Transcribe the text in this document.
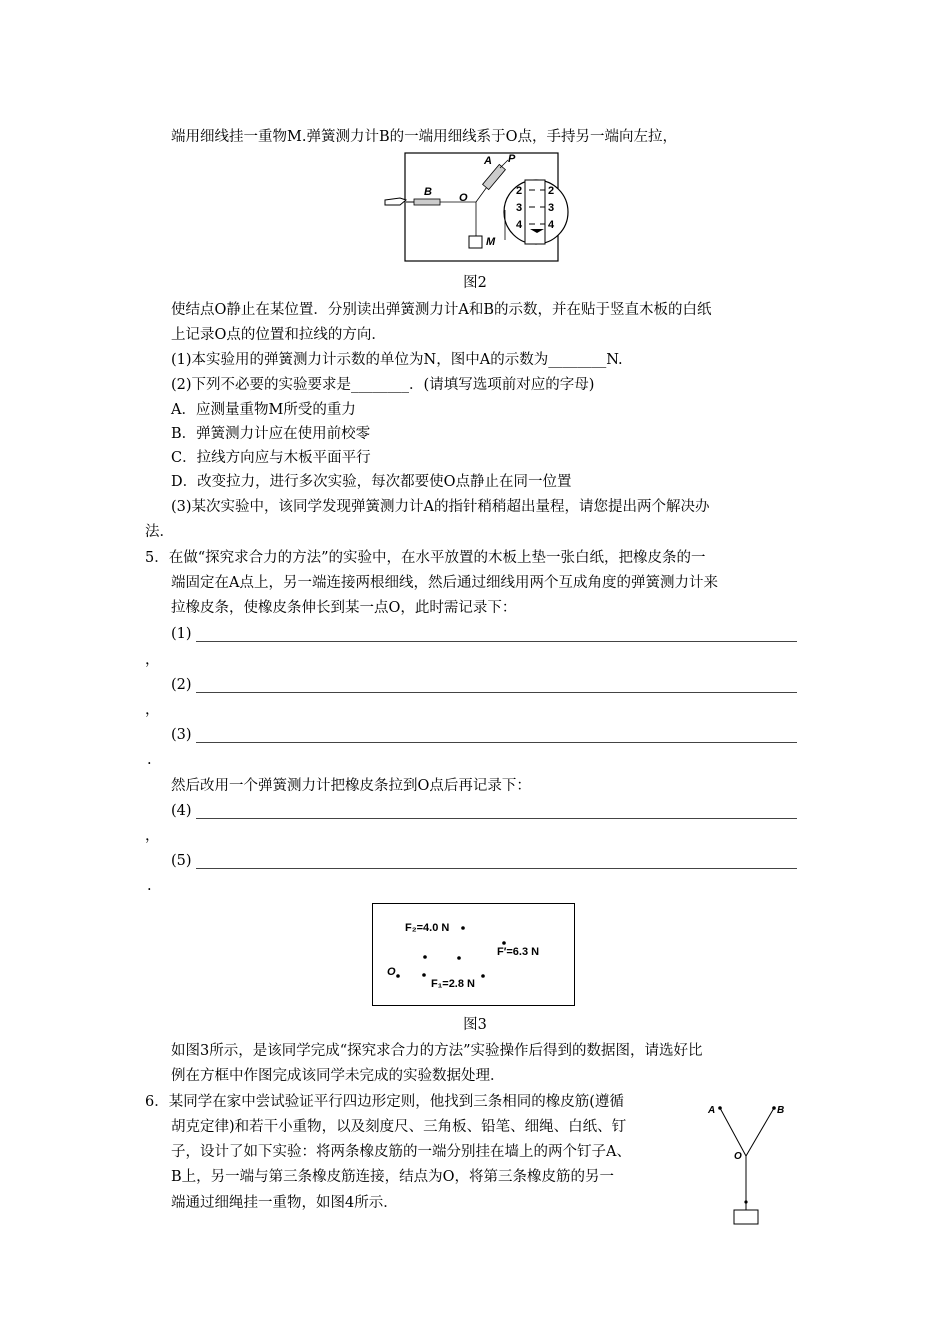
端用细线挂一重物M.弹簧测力计B的一端用细线系于O点，手持另一端向左拉，
A P
B O
M
2
3
4
2
3
4
图2
使结点O静止在某位置．分别读出弹簧测力计A和B的示数，并在贴于竖直木板的白纸
上记录O点的位置和拉线的方向．
(1)本实验用的弹簧测力计示数的单位为N，图中A的示数为________N.
(2)下列不必要的实验要求是________．(请填写选项前对应的字母)
A．应测量重物M所受的重力
B．弹簧测力计应在使用前校零
C．拉线方向应与木板平面平行
D．改变拉力，进行多次实验，每次都要使O点静止在同一位置
(3)某次实验中，该同学发现弹簧测力计A的指针稍稍超出量程，请您提出两个解决办
法．
5．在做“探究求合力的方法”的实验中，在水平放置的木板上垫一张白纸，把橡皮条的一
端固定在A点上，另一端连接两根细线，然后通过细线用两个互成角度的弹簧测力计来
拉橡皮条，使橡皮条伸长到某一点O，此时需记录下：
(1)
，
(2)
，
(3)
.
然后改用一个弹簧测力计把橡皮条拉到O点后再记录下：
(4)
，
(5)
.
F₂=4.0 N
F′=6.3 N
O
F₁=2.8 N
图3
如图3所示，是该同学完成“探究求合力的方法”实验操作后得到的数据图，请选好比
例在方框中作图完成该同学未完成的实验数据处理．
6．某同学在家中尝试验证平行四边形定则，他找到三条相同的橡皮筋(遵循
胡克定律)和若干小重物，以及刻度尺、三角板、铅笔、细绳、白纸、钉
子，设计了如下实验：将两条橡皮筋的一端分别挂在墙上的两个钉子A、
B上，另一端与第三条橡皮筋连接，结点为O，将第三条橡皮筋的另一
端通过细绳挂一重物，如图4所示．
A	B
O
